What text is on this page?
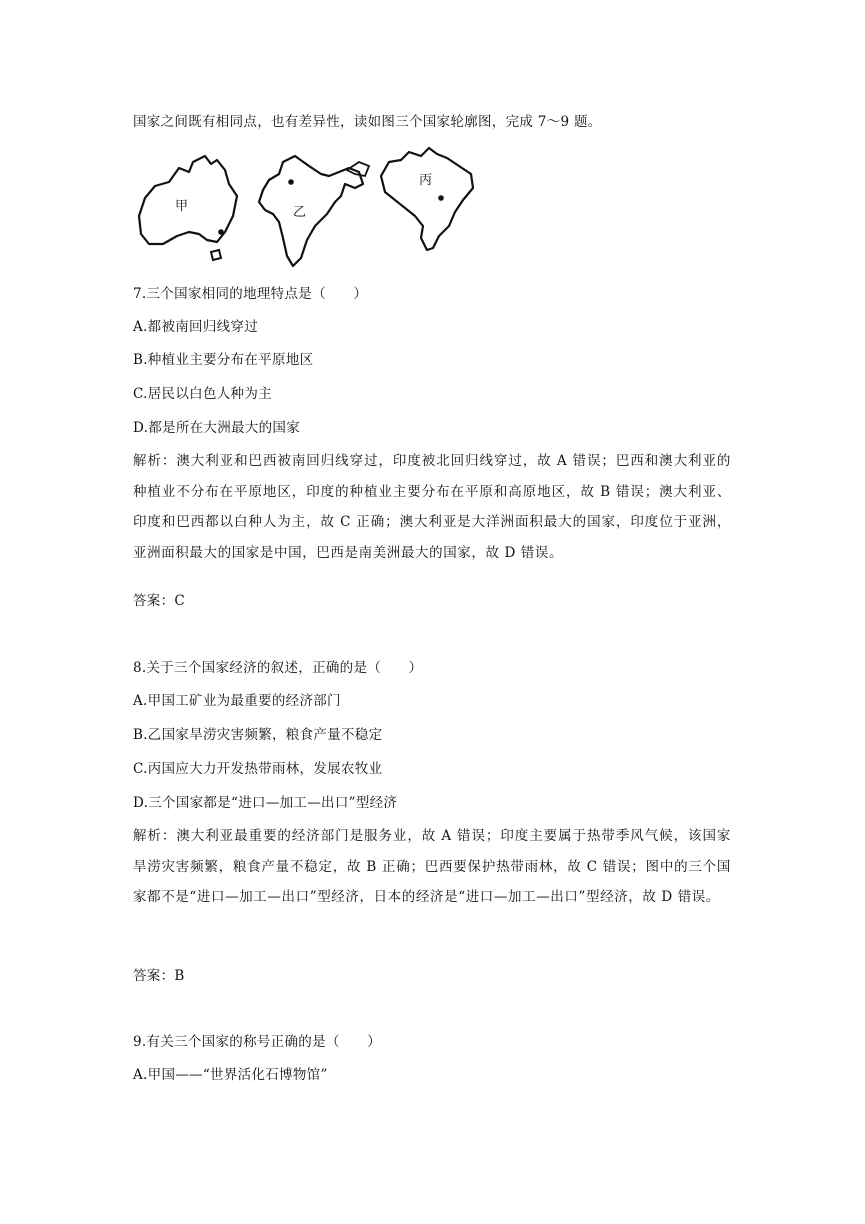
国家之间既有相同点，也有差异性，读如图三个国家轮廓图，完成 7～9 题。
甲	乙
丙
7.三个国家相同的地理特点是（　　）
A.都被南回归线穿过
B.种植业主要分布在平原地区
C.居民以白色人种为主
D.都是所在大洲最大的国家
解析：澳大利亚和巴西被南回归线穿过，印度被北回归线穿过，故 A 错误；巴西和澳大利亚的种植业不分布在平原地区，印度的种植业主要分布在平原和高原地区，故 B 错误；澳大利亚、印度和巴西都以白种人为主，故 C 正确；澳大利亚是大洋洲面积最大的国家，印度位于亚洲，亚洲面积最大的国家是中国，巴西是南美洲最大的国家，故 D 错误。
答案：C
8.关于三个国家经济的叙述，正确的是（　　）
A.甲国工矿业为最重要的经济部门
B.乙国家旱涝灾害频繁，粮食产量不稳定
C.丙国应大力开发热带雨林，发展农牧业
D.三个国家都是“进口—加工—出口”型经济
解析：澳大利亚最重要的经济部门是服务业，故 A 错误；印度主要属于热带季风气候，该国家旱涝灾害频繁，粮食产量不稳定，故 B 正确；巴西要保护热带雨林，故 C 错误；图中的三个国家都不是“进口—加工—出口”型经济，日本的经济是“进口—加工—出口”型经济，故 D 错误。
答案：B
9.有关三个国家的称号正确的是（　　）
A.甲国——“世界活化石博物馆”
